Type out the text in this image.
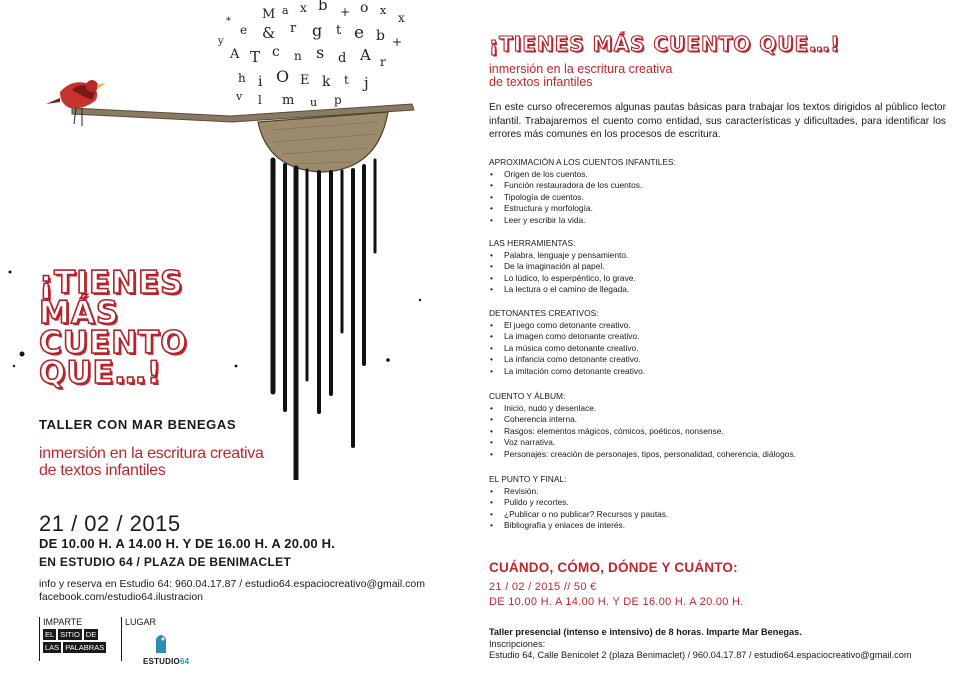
M a x b + o x
x
e & r g t e b +
A T c n s d A r
h i O E k t j
v l m u p
y
*
¡TIENES
MÁS
CUENTO
QUE…!
TALLER CON MAR BENEGAS
inmersión en la escritura creativa
de textos infantiles
21 / 02 / 2015
DE 10.00 H. A 14.00 H. Y DE 16.00 H. A 20.00 H.
EN ESTUDIO 64 / PLAZA DE BENIMACLET
info y reserva en Estudio 64: 960.04.17.87 / estudio64.espaciocreativo@gmail.com
facebook.com/estudio64.ilustracion
IMPARTE
EL SITIO DE
LAS PALABRAS
LUGAR
ESTUDIO64
¡TIENES MÁS CUENTO QUE…!
inmersión en la escritura creativa
de textos infantiles
En este curso ofreceremos algunas pautas básicas para trabajar los textos dirigidos al público lector infantil. Trabajaremos el cuento como entidad, sus características y dificultades, para identificar los errores más comunes en los procesos de escritura.
APROXIMACIÓN A LOS CUENTOS INFANTILES:
• Origen de los cuentos.
• Función restauradora de los cuentos.
• Tipología de cuentos.
• Estructura y morfología.
• Leer y escribir la vida.
LAS HERRAMIENTAS:
• Palabra, lenguaje y pensamiento.
• De la imaginación al papel.
• Lo lúdico, lo esperpéntico, lo grave.
• La lectura o el camino de llegada.
DETONANTES CREATIVOS:
• El juego como detonante creativo.
• La imagen como detonante creativo.
• La música como detonante creativo.
• La infancia como detonante creativo.
• La imitación como detonante creativo.
CUENTO Y ÁLBUM:
• Inicio, nudo y desenlace.
• Coherencia interna.
• Rasgos: elementos mágicos, cómicos, poéticos, nonsense.
• Voz narrativa.
• Personajes: creación de personajes, tipos, personalidad, coherencia, diálogos.
EL PUNTO Y FINAL:
• Revisión.
• Pulido y recortes.
• ¿Publicar o no publicar? Recursos y pautas.
• Bibliografía y enlaces de interés.
CUÁNDO, CÓMO, DÓNDE Y CUÁNTO:
21 / 02 / 2015 // 50 €
DE 10.00 H. A 14.00 H. Y DE 16.00 H. A 20.00 H.
Taller presencial (intenso e intensivo) de 8 horas. Imparte Mar Benegas.
Inscripciones:
Estudio 64, Calle Benicolet 2 (plaza Benimaclet) / 960.04.17.87 / estudio64.espaciocreativo@gmail.com
